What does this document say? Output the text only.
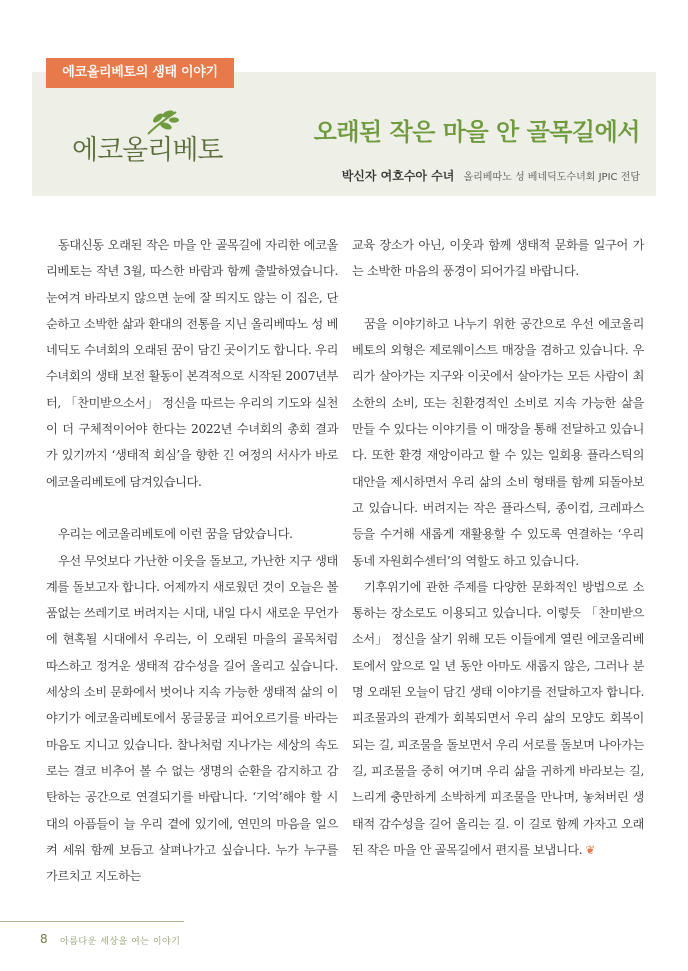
에코올리베토의 생태 이야기
에코올리베토
오래된 작은 마을 안 골목길에서
박신자 여호수아 수녀 올리베따노 성 베네딕도수녀회 JPIC 전담

동대신동 오래된 작은 마을 안 골목길에 자리한 에코올리베토는 작년 3월, 따스한 바람과 함께 출발하였습니다. 눈여겨 바라보지 않으면 눈에 잘 띄지도 않는 이 집은, 단순하고 소박한 삶과 환대의 전통을 지닌 올리베따노 성 베네딕도 수녀회의 오래된 꿈이 담긴 곳이기도 합니다. 우리 수녀회의 생태 보전 활동이 본격적으로 시작된 2007년부터, 「찬미받으소서」 정신을 따르는 우리의 기도와 실천이 더 구체적이어야 한다는 2022년 수녀회의 총회 결과가 있기까지 ‘생태적 회심’을 향한 긴 여정의 서사가 바로 에코올리베토에 담겨있습니다.

우리는 에코올리베토에 이런 꿈을 담았습니다.

우선 무엇보다 가난한 이웃을 돌보고, 가난한 지구 생태계를 돌보고자 합니다. 어제까지 새로웠던 것이 오늘은 볼품없는 쓰레기로 버려지는 시대, 내일 다시 새로운 무언가에 현혹될 시대에서 우리는, 이 오래된 마을의 골목처럼 따스하고 정겨운 생태적 감수성을 길어 올리고 싶습니다. 세상의 소비 문화에서 벗어나 지속 가능한 생태적 삶의 이야기가 에코올리베토에서 몽글몽글 피어오르기를 바라는 마음도 지니고 있습니다. 찰나처럼 지나가는 세상의 속도로는 결코 비추어 볼 수 없는 생명의 순환을 감지하고 감탄하는 공간으로 연결되기를 바랍니다. ‘기억’해야 할 시대의 아픔들이 늘 우리 곁에 있기에, 연민의 마음을 일으켜 세워 함께 보듬고 살펴나가고 싶습니다. 누가 누구를 가르치고 지도하는

교육 장소가 아닌, 이웃과 함께 생태적 문화를 일구어 가는 소박한 마음의 풍경이 되어가길 바랍니다.

꿈을 이야기하고 나누기 위한 공간으로 우선 에코올리베토의 외형은 제로웨이스트 매장을 겸하고 있습니다. 우리가 살아가는 지구와 이곳에서 살아가는 모든 사람이 최소한의 소비, 또는 친환경적인 소비로 지속 가능한 삶을 만들 수 있다는 이야기를 이 매장을 통해 전달하고 있습니다. 또한 환경 재앙이라고 할 수 있는 일회용 플라스틱의 대안을 제시하면서 우리 삶의 소비 형태를 함께 되돌아보고 있습니다. 버려지는 작은 플라스틱, 종이컵, 크레파스 등을 수거해 새롭게 재활용할 수 있도록 연결하는 ‘우리 동네 자원회수센터’의 역할도 하고 있습니다.

기후위기에 관한 주제를 다양한 문화적인 방법으로 소통하는 장소로도 이용되고 있습니다. 이렇듯 「찬미받으소서」 정신을 살기 위해 모든 이들에게 열린 에코올리베토에서 앞으로 일 년 동안 아마도 새롭지 않은, 그러나 분명 오래된 오늘이 담긴 생태 이야기를 전달하고자 합니다. 피조물과의 관계가 회복되면서 우리 삶의 모양도 회복이 되는 길, 피조물을 돌보면서 우리 서로를 돌보며 나아가는 길, 피조물을 중히 여기며 우리 삶을 귀하게 바라보는 길, 느리게 충만하게 소박하게 피조물을 만나며, 놓쳐버린 생태적 감수성을 길어 올리는 길. 이 길로 함께 가자고 오래된 작은 마을 안 골목길에서 편지를 보냅니다. ❦

8 아름다운 세상을 여는 이야기
